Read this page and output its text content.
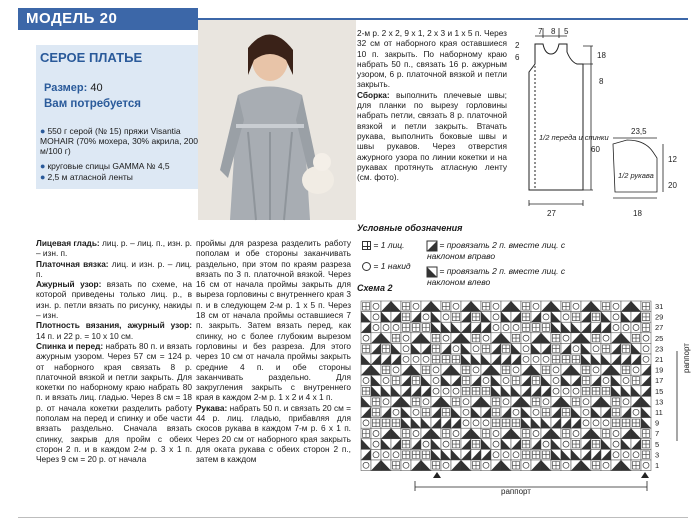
МОДЕЛЬ 20
СЕРОЕ ПЛАТЬЕ
Размер: 40
Вам потребуется
● 550 г серой (№ 15) пряжи Visantia MOHAIR (70% мохера, 30% акрила, 200 м/100 г)
● круговые спицы GAMMA № 4,5
● 2,5 м атласной ленты

Лицевая гладь: лиц. р. – лиц. п., изн. р. – изн. п.

Платочная вязка: лиц. и изн. р. – лиц. п.

Ажурный узор: вязать по схеме, на которой приведены только лиц. р., в изн. р. петли вязать по рисунку, накиды – изн.

Плотность вязания, ажурный узор: 14 п. и 22 р. = 10 х 10 см.

Спинка и перед: набрать 80 п. и вязать ажурным узором. Через 57 см = 124 р. от наборного края связать 8 р. платочной вязкой и петли закрыть. Для кокетки по наборному краю набрать 80 п. и вязать лиц. гладью. Через 8 см = 18 р. от начала кокетки разделить работу пополам на перед и спинку и обе части вязать раздельно. Сначала вязать спинку, закрыв для пройм с обеих сторон 2 п. и в каждом 2-м р. 3 х 1 п. Через 9 см = 20 р. от начала

проймы для разреза разделить работу пополам и обе стороны заканчивать раздельно, при этом по краям разреза вязать по 3 п. платочной вязкой. Через 16 см от начала проймы закрыть для выреза горловины с внутреннего края 3 п. и в следующем 2-м р. 1 х 5 п. Через 18 см от начала проймы оставшиеся 7 п. закрыть. Затем вязать перед, как спинку, но с более глубоким вырезом горловины и без разреза. Для этого через 10 см от начала проймы закрыть средние 4 п. и обе стороны заканчивать раздельно. Для закругления закрыть с внутреннего края в каждом 2-м р. 1 х 2 и 4 х 1 п.

Рукава: набрать 50 п. и связать 20 см = 44 р. лиц. гладью, прибавляя для скосов рукава в каждом 7-м р. 6 х 1 п. Через 20 см от наборного края закрыть для оката рукава с обеих сторон 2 п., затем в каждом

2-м р. 2 х 2, 9 х 1, 2 х 3 и 1 х 5 п. Через 32 см от наборного края оставшиеся 10 п. закрыть. По наборному краю набрать 50 п., связать 16 р. ажурным узором, 6 р. платочной вязкой и петли закрыть.

Сборка: выполнить плечевые швы; для планки по вырезу горловины набрать петли, связать 8 р. платочной вязкой и петли закрыть. Втачать рукава, выполнить боковые швы и швы рукавов. Через отверстия ажурного узора по линии кокетки и на рукавах протянуть атласную ленту (см. фото).

7 8 5
2
6	18
8
60
27
1/2 переда и спинки
23,5
12
20
18
1/2 рукава
Условные обозначения
= 1 лиц.
= 1 накид
= провязать 2 п. вместе лиц. с наклоном вправо
= провязать 2 п. вместе лиц. с наклоном влево
Схема 2
31
29
27
25
23
21
19
17
15
13
11
9
7
5
3
1
раппорт
раппорт
